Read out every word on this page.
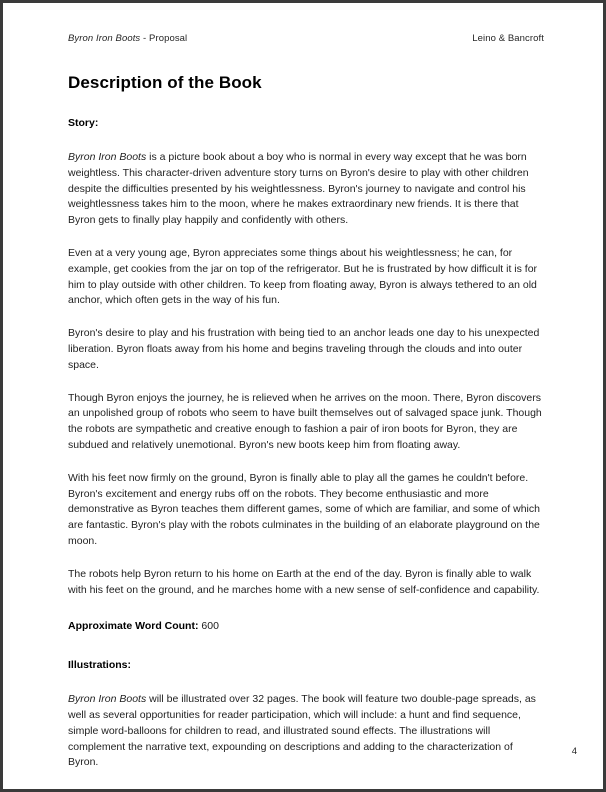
Byron Iron Boots - Proposal	Leino & Bancroft
Description of the Book
Story:

Byron Iron Boots is a picture book about a boy who is normal in every way except that he was born weightless. This character-driven adventure story turns on Byron's desire to play with other children despite the difficulties presented by his weightlessness. Byron's journey to navigate and control his weightlessness takes him to the moon, where he makes extraordinary new friends. It is there that Byron gets to finally play happily and confidently with others.

Even at a very young age, Byron appreciates some things about his weightlessness; he can, for example, get cookies from the jar on top of the refrigerator. But he is frustrated by how difficult it is for him to play outside with other children. To keep from floating away, Byron is always tethered to an old anchor, which often gets in the way of his fun.

Byron's desire to play and his frustration with being tied to an anchor leads one day to his unexpected liberation. Byron floats away from his home and begins traveling through the clouds and into outer space.

Though Byron enjoys the journey, he is relieved when he arrives on the moon. There, Byron discovers an unpolished group of robots who seem to have built themselves out of salvaged space junk. Though the robots are sympathetic and creative enough to fashion a pair of iron boots for Byron, they are subdued and relatively unemotional. Byron's new boots keep him from floating away.

With his feet now firmly on the ground, Byron is finally able to play all the games he couldn't before. Byron's excitement and energy rubs off on the robots. They become enthusiastic and more demonstrative as Byron teaches them different games, some of which are familiar, and some of which are fantastic. Byron's play with the robots culminates in the building of an elaborate playground on the moon.

The robots help Byron return to his home on Earth at the end of the day. Byron is finally able to walk with his feet on the ground, and he marches home with a new sense of self-confidence and capability.

Approximate Word Count: 600

Illustrations:

Byron Iron Boots will be illustrated over 32 pages. The book will feature two double-page spreads, as well as several opportunities for reader participation, which will include: a hunt and find sequence, simple word-balloons for children to read, and illustrated sound effects. The illustrations will complement the narrative text, expounding on descriptions and adding to the characterization of Byron.

4
